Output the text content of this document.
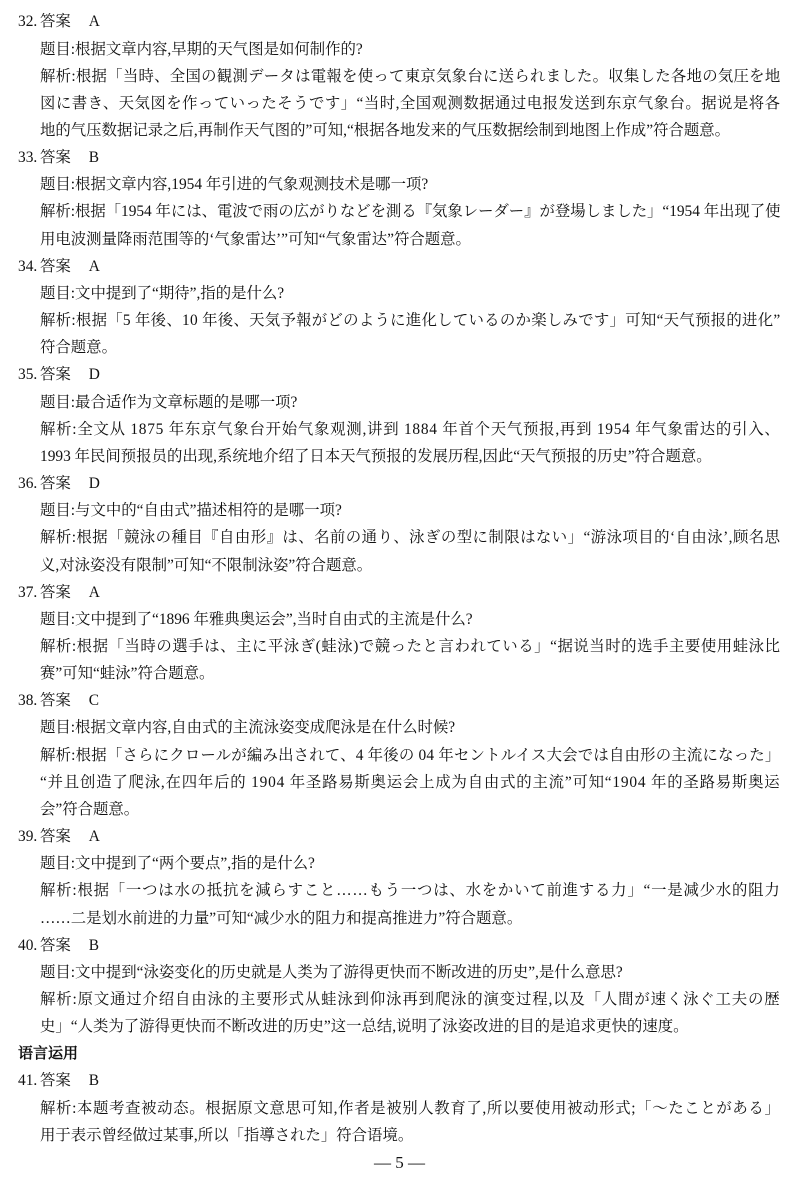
32. 答案 A
题目:根据文章内容,早期的天气图是如何制作的?
解析:根据「当時、全国の観測データは電報を使って東京気象台に送られました。収集した各地の気圧を地
図に書き、天気図を作っていったそうです」“当时,全国观测数据通过电报发送到东京气象台。据说是将各
地的气压数据记录之后,再制作天气图的”可知,“根据各地发来的气压数据绘制到地图上作成”符合题意。
33. 答案 B
题目:根据文章内容,1954 年引进的气象观测技术是哪一项?
解析:根据「1954 年には、電波で雨の広がりなどを測る『気象レーダー』が登場しました」“1954 年出现了使
用电波测量降雨范围等的‘气象雷达’”可知“气象雷达”符合题意。
34. 答案 A
题目:文中提到了“期待”,指的是什么?
解析:根据「5 年後、10 年後、天気予報がどのように進化しているのか楽しみです」可知“天气预报的进化”
符合题意。
35. 答案 D
题目:最合适作为文章标题的是哪一项?
解析:全文从 1875 年东京气象台开始气象观测,讲到 1884 年首个天气预报,再到 1954 年气象雷达的引入、
1993 年民间预报员的出现,系统地介绍了日本天气预报的发展历程,因此“天气预报的历史”符合题意。
36. 答案 D
题目:与文中的“自由式”描述相符的是哪一项?
解析:根据「競泳の種目『自由形』は、名前の通り、泳ぎの型に制限はない」“游泳项目的‘自由泳’,顾名思
义,对泳姿没有限制”可知“不限制泳姿”符合题意。
37. 答案 A
题目:文中提到了“1896 年雅典奥运会”,当时自由式的主流是什么?
解析:根据「当時の選手は、主に平泳ぎ(蛙泳)で競ったと言われている」“据说当时的选手主要使用蛙泳比
赛”可知“蛙泳”符合题意。
38. 答案 C
题目:根据文章内容,自由式的主流泳姿变成爬泳是在什么时候?
解析:根据「さらにクロールが編み出されて、4 年後の 04 年セントルイス大会では自由形の主流になった」
“并且创造了爬泳,在四年后的 1904 年圣路易斯奥运会上成为自由式的主流”可知“1904 年的圣路易斯奥运
会”符合题意。
39. 答案 A
题目:文中提到了“两个要点”,指的是什么?
解析:根据「一つは水の抵抗を減らすこと……もう一つは、水をかいて前進する力」“一是减少水的阻力
……二是划水前进的力量”可知“减少水的阻力和提高推进力”符合题意。
40. 答案 B
题目:文中提到“泳姿变化的历史就是人类为了游得更快而不断改进的历史”,是什么意思?
解析:原文通过介绍自由泳的主要形式从蛙泳到仰泳再到爬泳的演变过程,以及「人間が速く泳ぐ工夫の歴
史」“人类为了游得更快而不断改进的历史”这一总结,说明了泳姿改进的目的是追求更快的速度。
语言运用
41. 答案 B
解析:本题考查被动态。根据原文意思可知,作者是被别人教育了,所以要使用被动形式;「～たことがある」
用于表示曾经做过某事,所以「指導された」符合语境。
— 5 —
